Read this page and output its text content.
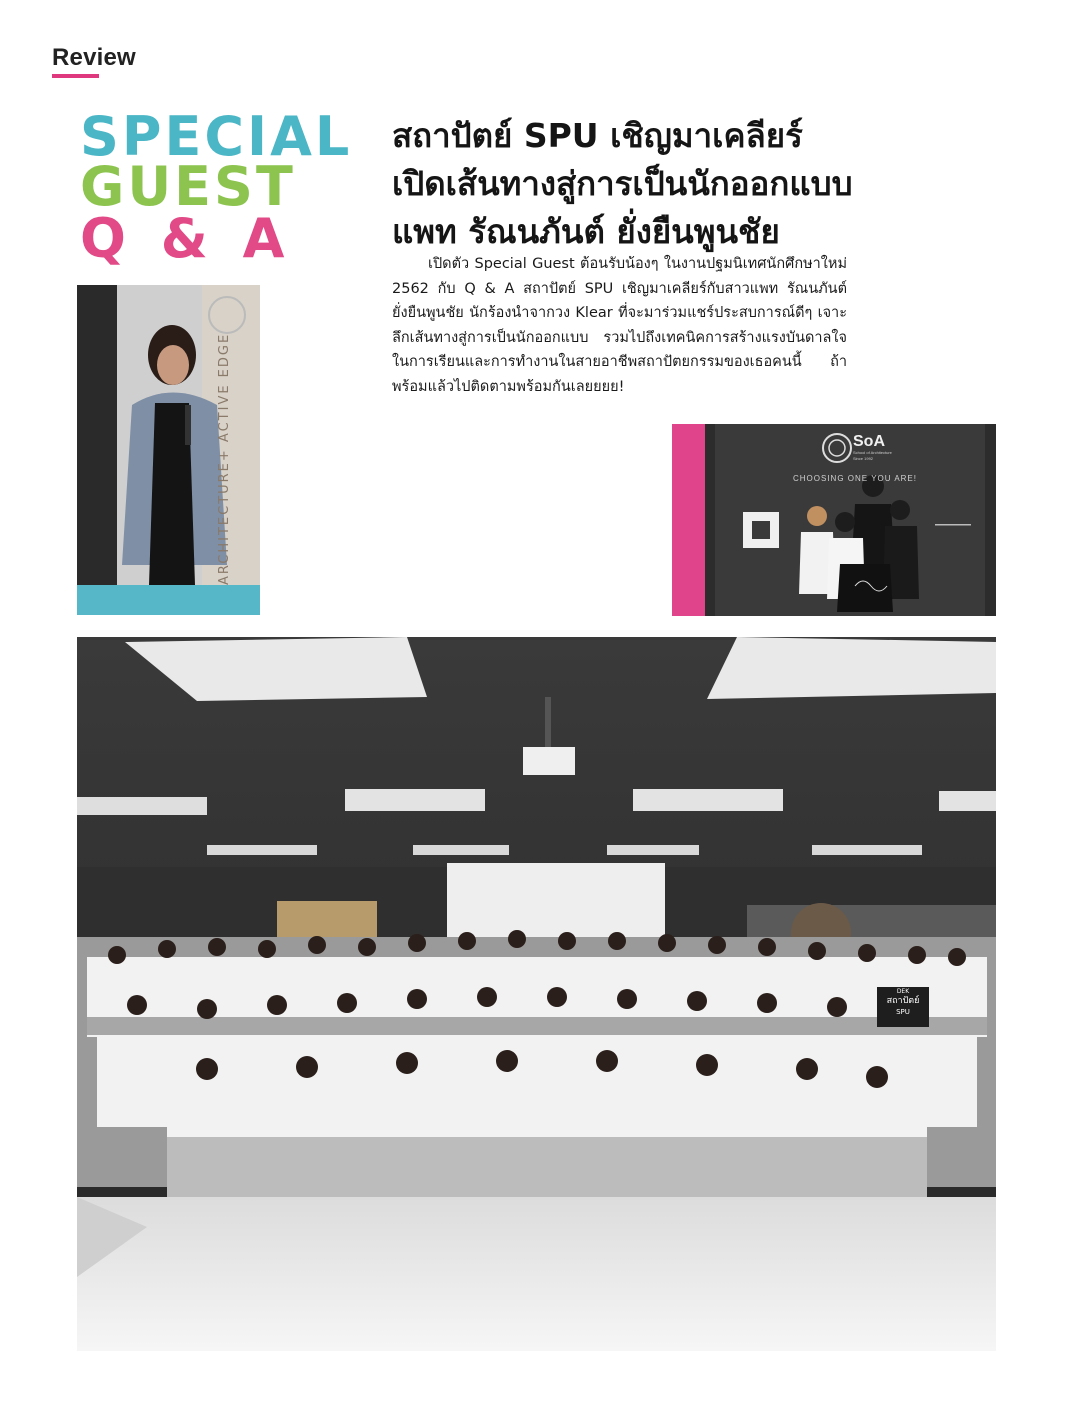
Review
SPECIAL
GUEST
Q & A
ARCHITECTURE+ ACTIVE EDGE
สถาปัตย์ SPU เชิญมาเคลียร์
เปิดเส้นทางสู่การเป็นนักออกแบบ
แพท รัณนภันต์ ยั่งยืนพูนชัย
เปิดตัว Special Guest ต้อนรับน้องๆ ในงานปฐมนิเทศนักศึกษาใหม่ 2562 กับ Q & A สถาปัตย์ SPU เชิญมาเคลียร์กับสาวแพท รัณนภันต์ ยั่งยืนพูนชัย นักร้องนำจากวง Klear ที่จะมาร่วมแชร์ประสบการณ์ดีๆ เจาะลึกเส้นทางสู่การเป็นนักออกแบบ รวมไปถึงเทคนิคการสร้างแรงบันดาลใจในการเรียนและการทำงานในสายอาชีพสถาปัตยกรรมของเธอคนนี้ ถ้าพร้อมแล้วไปติดตามพร้อมกันเลยยยย!
SoA
School of Architecture
Since 1992
CHOOSING ONE YOU ARE!
DEK
สถาปัตย์
SPU
